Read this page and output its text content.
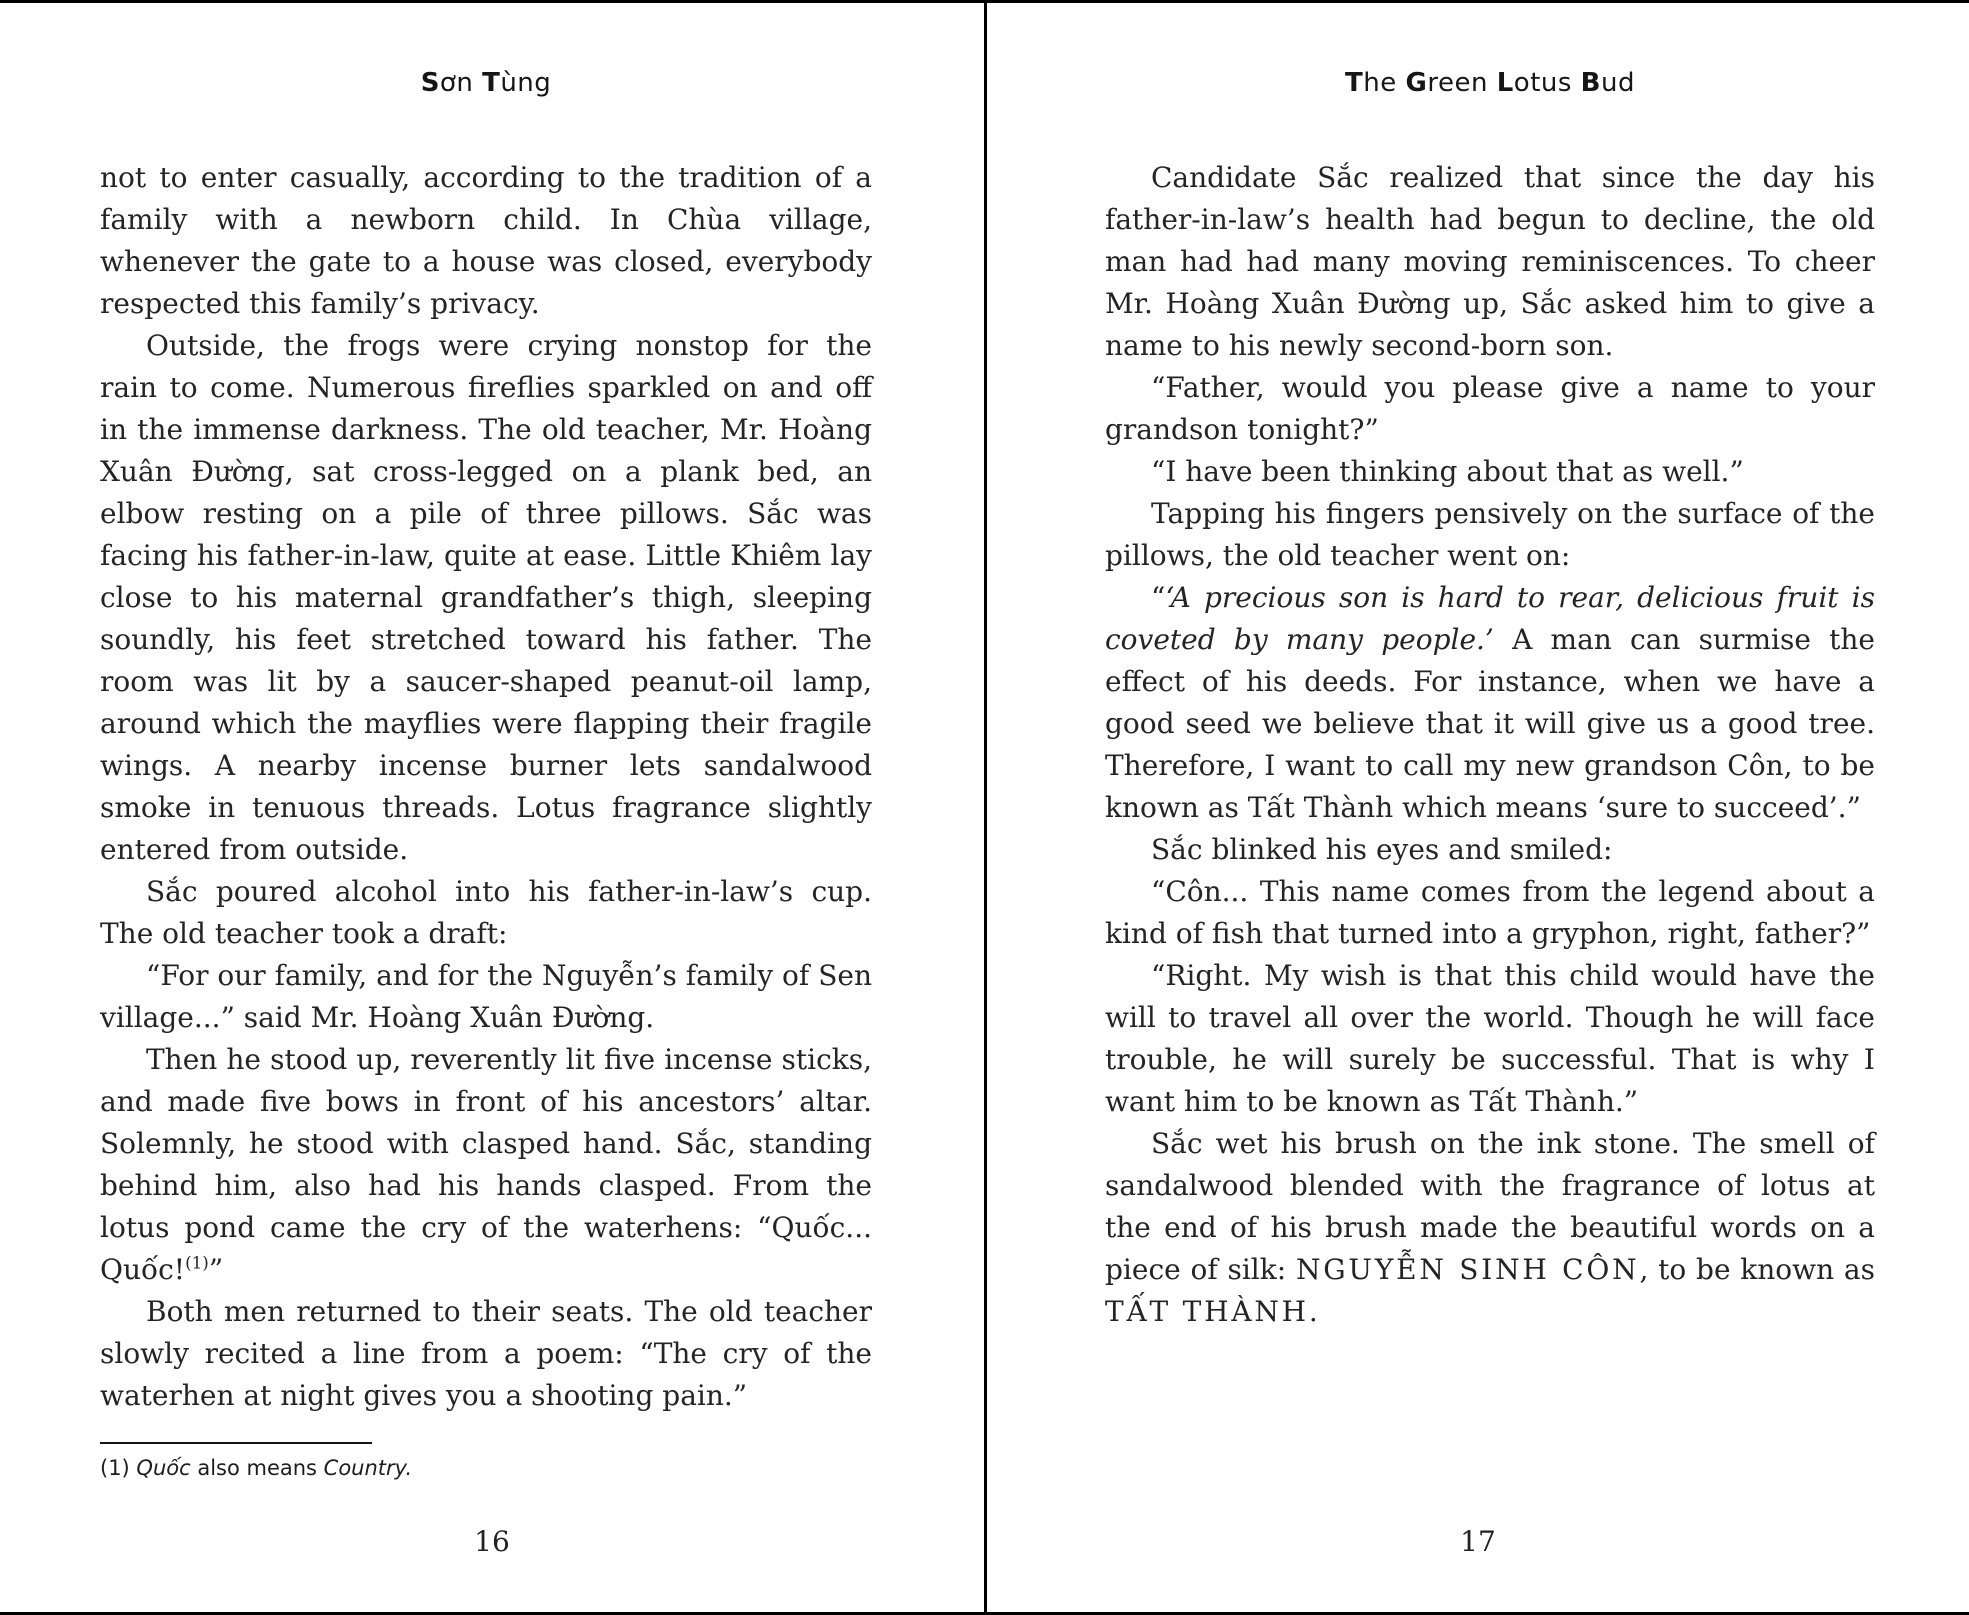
Sơn Tùng

not to enter casually, according to the tradition of a family with a newborn child. In Chùa village, whenever the gate to a house was closed, everybody respected this family’s privacy.

Outside, the frogs were crying nonstop for the rain to come. Numerous fireflies sparkled on and off in the immense darkness. The old teacher, Mr. Hoàng Xuân Đường, sat cross-legged on a plank bed, an elbow resting on a pile of three pillows. Sắc was facing his father-in-law, quite at ease. Little Khiêm lay close to his maternal grandfather’s thigh, sleeping soundly, his feet stretched toward his father. The room was lit by a saucer-shaped peanut-oil lamp, around which the mayflies were flapping their fragile wings. A nearby incense burner lets sandalwood smoke in tenuous threads. Lotus fragrance slightly entered from outside.

Sắc poured alcohol into his father-in-law’s cup. The old teacher took a draft:

“For our family, and for the Nguyễn’s family of Sen village...” said Mr. Hoàng Xuân Đường.

Then he stood up, reverently lit five incense sticks, and made five bows in front of his ancestors’ altar. Solemnly, he stood with clasped hand. Sắc, standing behind him, also had his hands clasped. From the lotus pond came the cry of the waterhens: “Quốc... Quốc!$^{(1)}$”

Both men returned to their seats. The old teacher slowly recited a line from a poem: “The cry of the waterhen at night gives you a shooting pain.”

(1) Quốc also means Country.
16
The Green Lotus Bud

Candidate Sắc realized that since the day his father-in-law’s health had begun to decline, the old man had had many moving reminiscences. To cheer Mr. Hoàng Xuân Đường up, Sắc asked him to give a name to his newly second-born son.

“Father, would you please give a name to your grandson tonight?”

“I have been thinking about that as well.”

Tapping his fingers pensively on the surface of the pillows, the old teacher went on:

“‘A precious son is hard to rear, delicious fruit is coveted by many people.’ A man can surmise the effect of his deeds. For instance, when we have a good seed we believe that it will give us a good tree. Therefore, I want to call my new grandson Côn, to be known as Tất Thành which means ‘sure to succeed’.”

Sắc blinked his eyes and smiled:

“Côn... This name comes from the legend about a kind of fish that turned into a gryphon, right, father?”

“Right. My wish is that this child would have the will to travel all over the world. Though he will face trouble, he will surely be successful. That is why I want him to be known as Tất Thành.”

Sắc wet his brush on the ink stone. The smell of sandalwood blended with the fragrance of lotus at the end of his brush made the beautiful words on a piece of silk: NGUYỄN SINH CÔN, to be known as TẤT THÀNH.

17
